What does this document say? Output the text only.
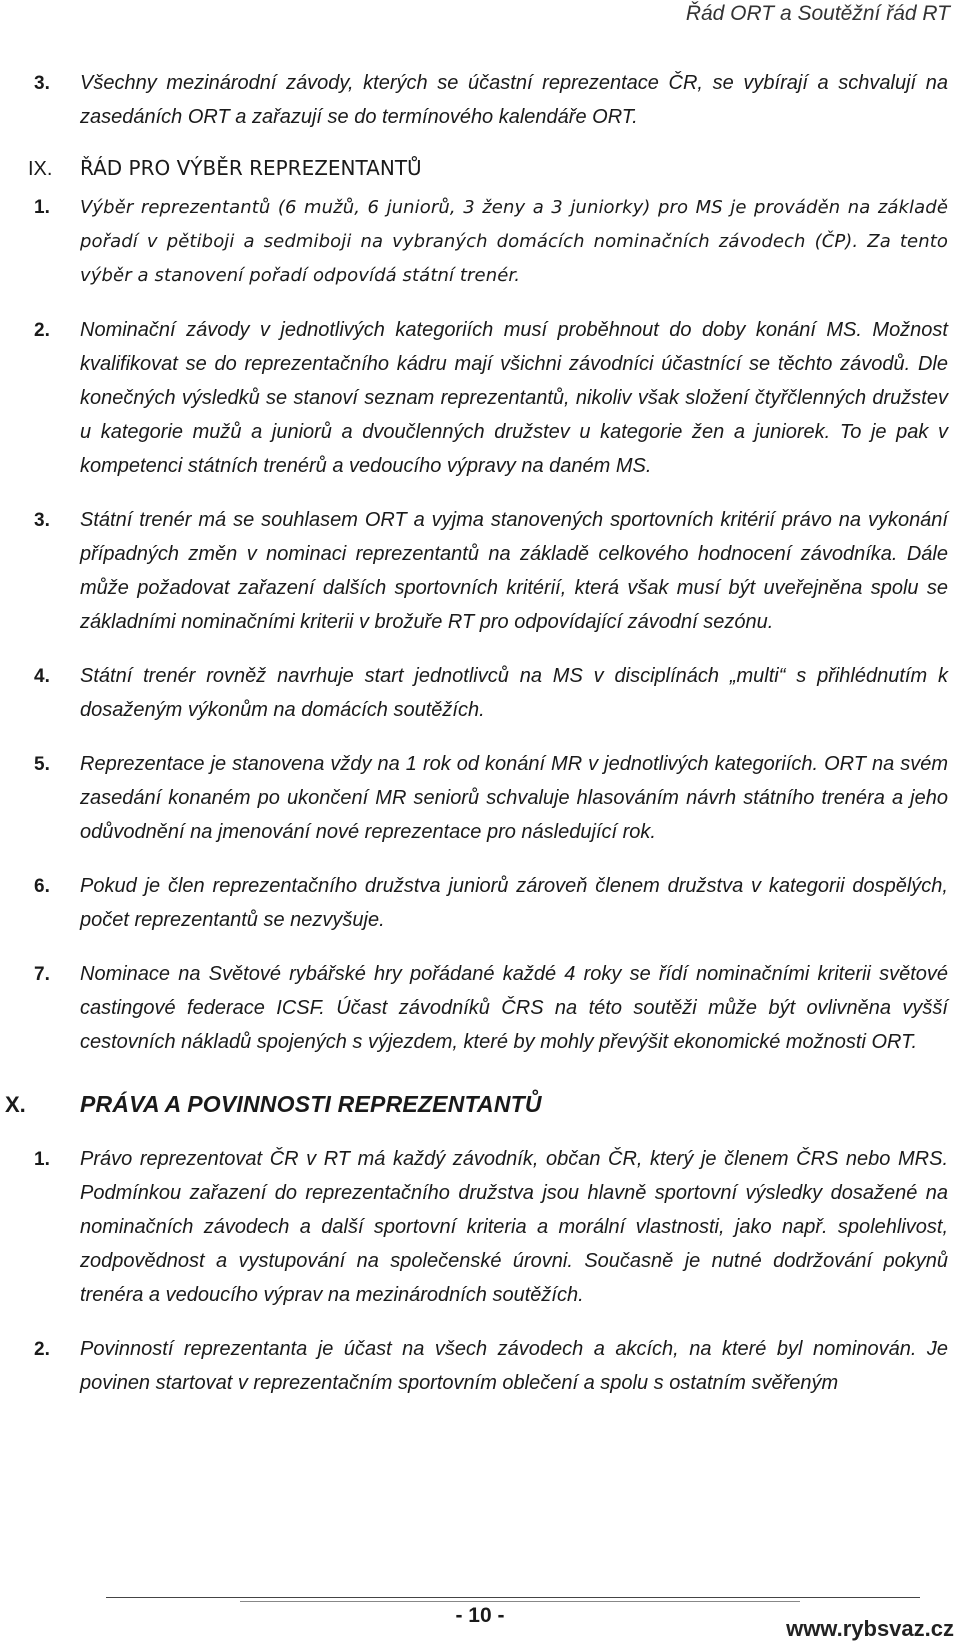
Řád ORT a Soutěžní řád RT
3.	Všechny mezinárodní závody, kterých se účastní reprezentace ČR, se vybírají a schvalují na zasedáních ORT a zařazují se do termínového kalendáře ORT.

IX.	ŘÁD PRO VÝBĚR REPREZENTANTŮ
1.	Výběr reprezentantů (6 mužů, 6 juniorů, 3 ženy a 3 juniorky) pro MS je prováděn na základě pořadí v pětiboji a sedmiboji na vybraných domácích nominačních závodech (ČP). Za tento výběr a stanovení pořadí odpovídá státní trenér.

2.	Nominační závody v jednotlivých kategoriích musí proběhnout do doby konání MS. Možnost kvalifikovat se do reprezentačního kádru mají všichni závodníci účastnící se těchto závodů. Dle konečných výsledků se stanoví seznam reprezentantů, nikoliv však složení čtyřčlenných družstev u kategorie mužů a juniorů a dvoučlenných družstev u kategorie žen a juniorek. To je pak v kompetenci státních trenérů a vedoucího výpravy na daném MS.

3.	Státní trenér má se souhlasem ORT a vyjma stanovených sportovních kritérií právo na vykonání případných změn v nominaci reprezentantů na základě celkového hodnocení závodníka. Dále může požadovat zařazení dalších sportovních kritérií, která však musí být uveřejněna spolu se základními nominačními kriterii v brožuře RT pro odpovídající závodní sezónu.

4.	Státní trenér rovněž navrhuje start jednotlivců na MS v disciplínách „multi“ s přihlédnutím k dosaženým výkonům na domácích soutěžích.

5.	Reprezentace je stanovena vždy na 1 rok od konání MR v jednotlivých kategoriích. ORT na svém zasedání konaném po ukončení MR seniorů schvaluje hlasováním návrh státního trenéra a jeho odůvodnění na jmenování nové reprezentace pro následující rok.

6.	Pokud je člen reprezentačního družstva juniorů zároveň členem družstva v kategorii dospělých, počet reprezentantů se nezvyšuje.

7.	Nominace na Světové rybářské hry pořádané každé 4 roky se řídí nominačními kriterii světové castingové federace ICSF. Účast závodníků ČRS na této soutěži může být ovlivněna vyšší cestovních nákladů spojených s výjezdem, které by mohly převýšit ekonomické možnosti ORT.

X.	PRÁVA A POVINNOSTI REPREZENTANTŮ
1.	Právo reprezentovat ČR v RT má každý závodník, občan ČR, který je členem ČRS nebo MRS. Podmínkou zařazení do reprezentačního družstva jsou hlavně sportovní výsledky dosažené na nominačních závodech a další sportovní kriteria a morální vlastnosti, jako např. spolehlivost, zodpovědnost a vystupování na společenské úrovni. Současně je nutné dodržování pokynů trenéra a vedoucího výprav na mezinárodních soutěžích.

2.	Povinností reprezentanta je účast na všech závodech a akcích, na které byl nominován. Je povinen startovat v reprezentačním sportovním oblečení a spolu s ostatním svěřeným

- 10 -
www.rybsvaz.cz
